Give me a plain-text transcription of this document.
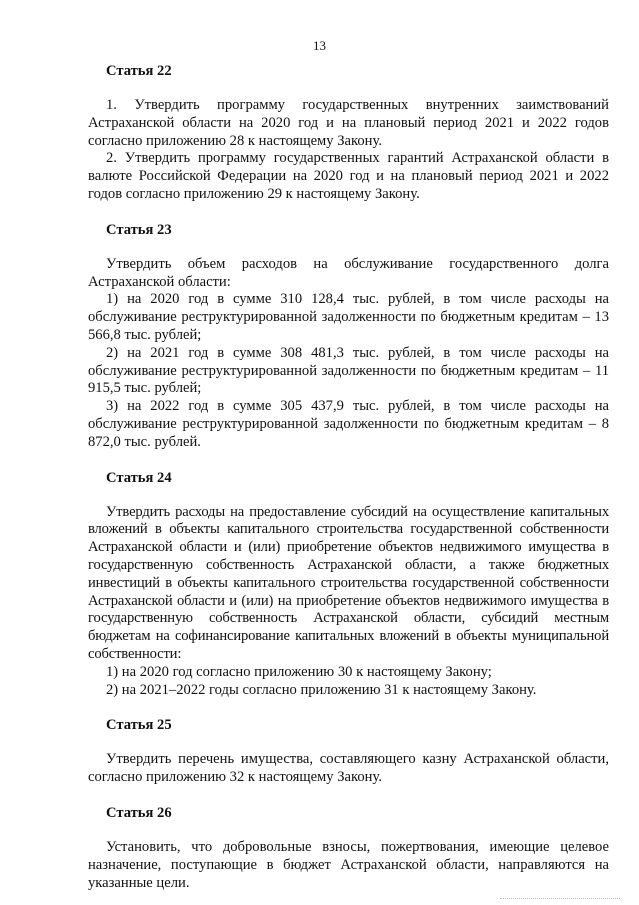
13
Статья 22

1. Утвердить программу государственных внутренних заимствований Астраханской области на 2020 год и на плановый период 2021 и 2022 годов согласно приложению 28 к настоящему Закону.

2. Утвердить программу государственных гарантий Астраханской области в валюте Российской Федерации на 2020 год и на плановый период 2021 и 2022 годов согласно приложению 29 к настоящему Закону.

Статья 23

Утвердить объем расходов на обслуживание государственного долга Астраханской области:

1) на 2020 год в сумме 310 128,4 тыс. рублей, в том числе расходы на обслуживание реструктурированной задолженности по бюджетным кредитам – 13 566,8 тыс. рублей;

2) на 2021 год в сумме 308 481,3 тыс. рублей, в том числе расходы на обслуживание реструктурированной задолженности по бюджетным кредитам – 11 915,5 тыс. рублей;

3) на 2022 год в сумме 305 437,9 тыс. рублей, в том числе расходы на обслуживание реструктурированной задолженности по бюджетным кредитам – 8 872,0 тыс. рублей.

Статья 24

Утвердить расходы на предоставление субсидий на осуществление капитальных вложений в объекты капитального строительства государственной собственности Астраханской области и (или) приобретение объектов недвижимого имущества в государственную собственность Астраханской области, а также бюджетных инвестиций в объекты капитального строительства государственной собственности Астраханской области и (или) на приобретение объектов недвижимого имущества в государственную собственность Астраханской области, субсидий местным бюджетам на софинансирование капитальных вложений в объекты муниципальной собственности:

1) на 2020 год согласно приложению 30 к настоящему Закону;

2) на 2021–2022 годы согласно приложению 31 к настоящему Закону.

Статья 25

Утвердить перечень имущества, составляющего казну Астраханской области, согласно приложению 32 к настоящему Закону.

Статья 26

Установить, что добровольные взносы, пожертвования, имеющие целевое назначение, поступающие в бюджет Астраханской области, направляются на указанные цели.
